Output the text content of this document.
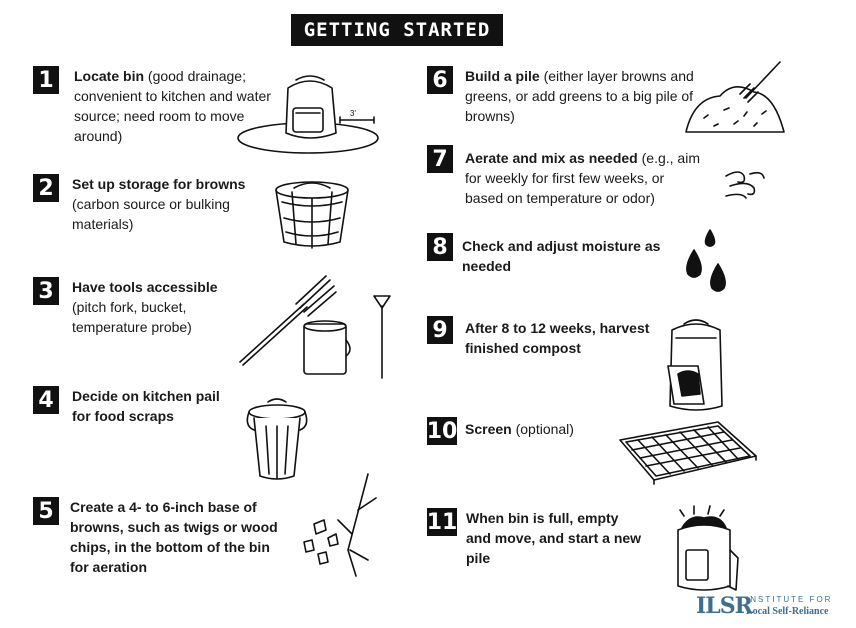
GETTING STARTED
1	Locate bin (good drainage; convenient to kitchen and water source; need room to move around)
3'
2	Set up storage for browns (carbon source or bulking materials)
3	Have tools accessible (pitch fork, bucket, temperature probe)
4	Decide on kitchen pail for food scraps
5	Create a 4- to 6-inch base of browns, such as twigs or wood chips, in the bottom of the bin for aeration
6	Build a pile (either layer browns and greens, or add greens to a big pile of browns)
7	Aerate and mix as needed (e.g., aim for weekly for first few weeks, or based on temperature or odor)
8	Check and adjust moisture as needed
9	After 8 to 12 weeks, harvest finished compost
10 Screen (optional)
11 When bin is full, empty and move, and start a new pile
ILSR
INSTITUTE FOR
Local Self-Reliance
